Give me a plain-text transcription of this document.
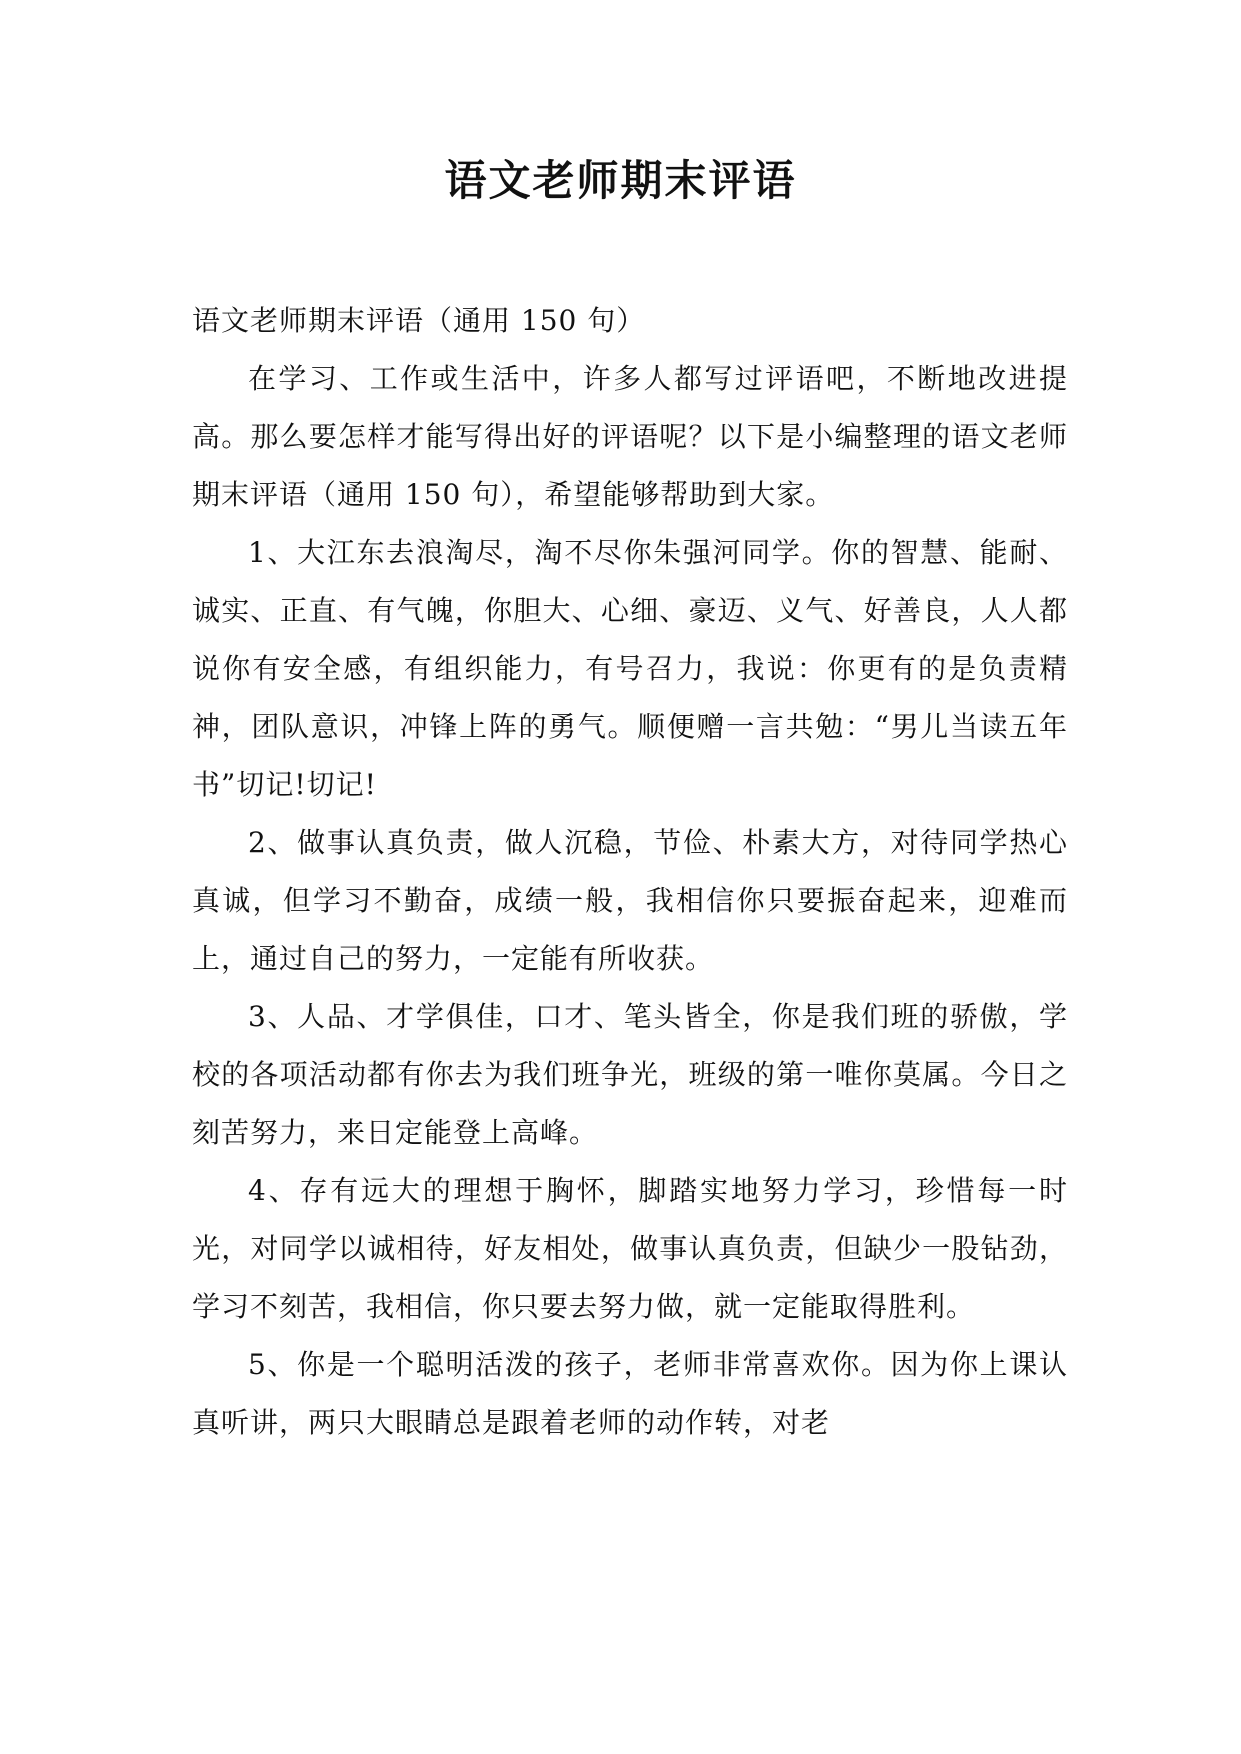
语文老师期末评语

语文老师期末评语（通用 150 句）

在学习、工作或生活中，许多人都写过评语吧，不断地改进提高。那么要怎样才能写得出好的评语呢？以下是小编整理的语文老师期末评语（通用 150 句），希望能够帮助到大家。

1、大江东去浪淘尽，淘不尽你朱强河同学。你的智慧、能耐、诚实、正直、有气魄，你胆大、心细、豪迈、义气、好善良，人人都说你有安全感，有组织能力，有号召力，我说：你更有的是负责精神，团队意识，冲锋上阵的勇气。顺便赠一言共勉：“男儿当读五年书”切记!切记!

2、做事认真负责，做人沉稳，节俭、朴素大方，对待同学热心真诚，但学习不勤奋，成绩一般，我相信你只要振奋起来，迎难而上，通过自己的努力，一定能有所收获。

3、人品、才学俱佳，口才、笔头皆全，你是我们班的骄傲，学校的各项活动都有你去为我们班争光，班级的第一唯你莫属。今日之刻苦努力，来日定能登上高峰。

4、存有远大的理想于胸怀，脚踏实地努力学习，珍惜每一时光，对同学以诚相待，好友相处，做事认真负责，但缺少一股钻劲，学习不刻苦，我相信，你只要去努力做，就一定能取得胜利。

5、你是一个聪明活泼的孩子，老师非常喜欢你。因为你上课认真听讲，两只大眼睛总是跟着老师的动作转，对老
